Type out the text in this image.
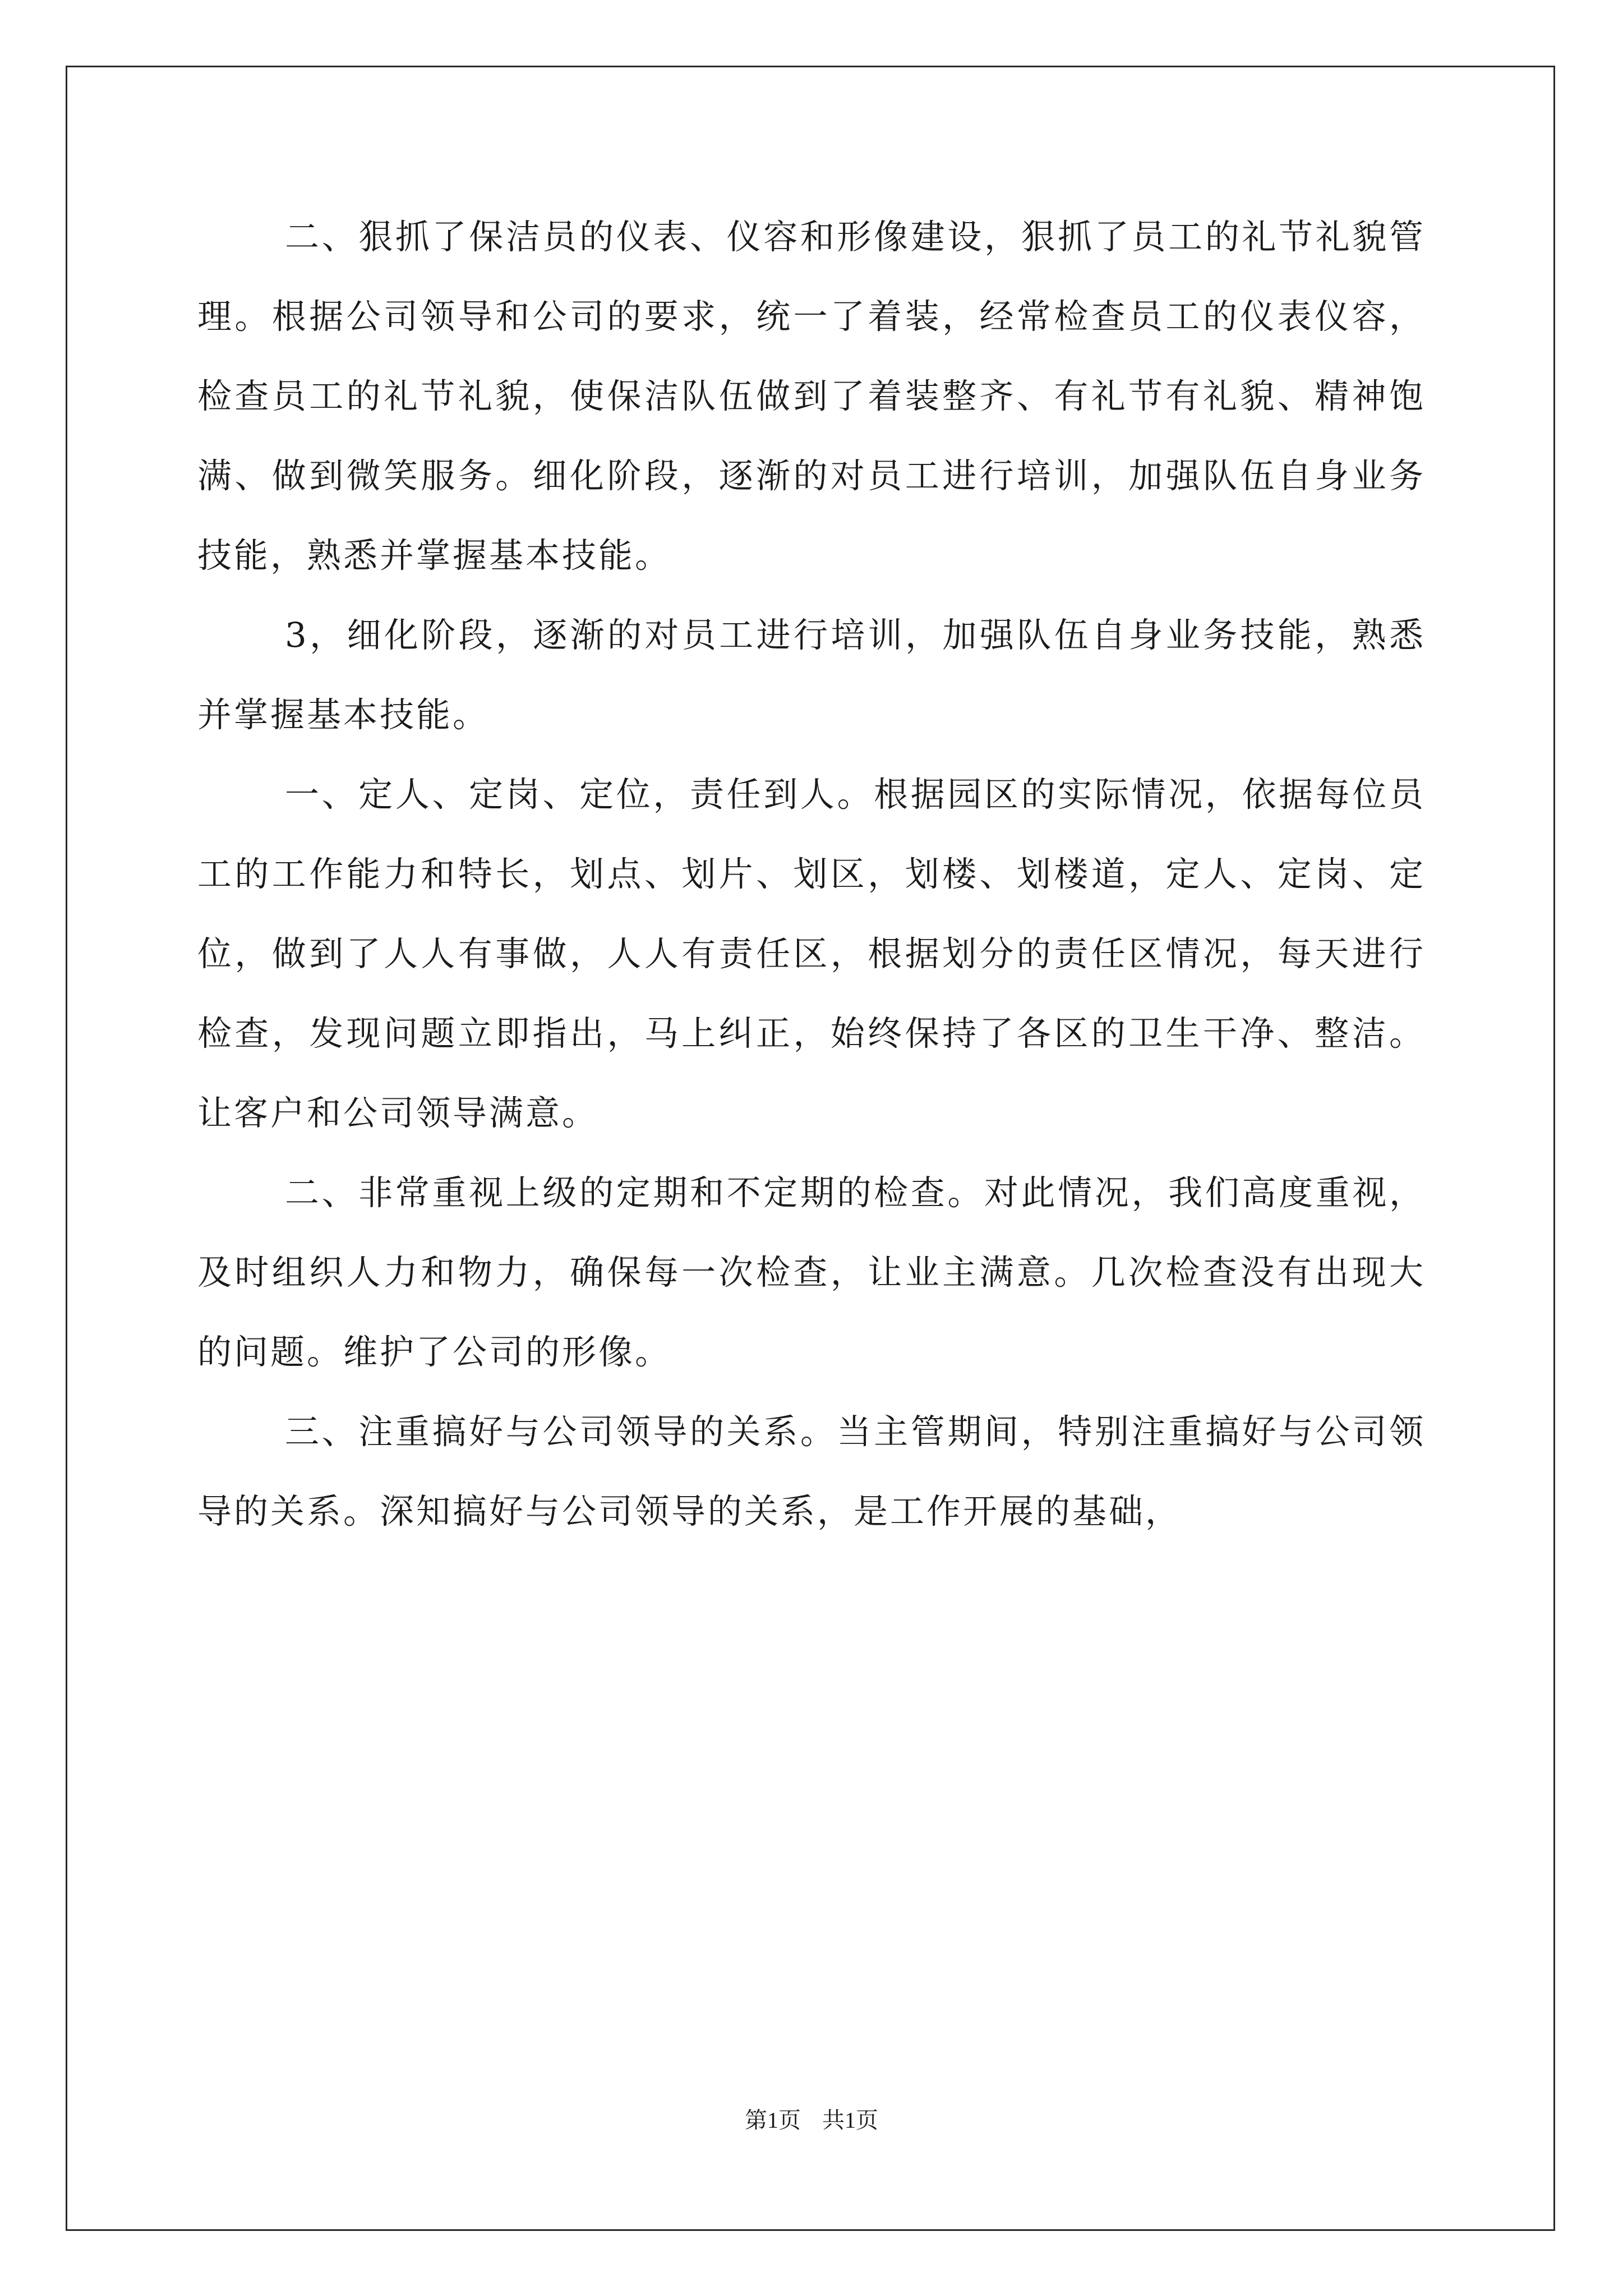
二、狠抓了保洁员的仪表、仪容和形像建设，狠抓了员工的礼节礼貌管理。根据公司领导和公司的要求，统一了着装，经常检查员工的仪表仪容，检查员工的礼节礼貌，使保洁队伍做到了着装整齐、有礼节有礼貌、精神饱满、做到微笑服务。细化阶段，逐渐的对员工进行培训，加强队伍自身业务技能，熟悉并掌握基本技能。

3，细化阶段，逐渐的对员工进行培训，加强队伍自身业务技能，熟悉并掌握基本技能。

一、定人、定岗、定位，责任到人。根据园区的实际情况，依据每位员工的工作能力和特长，划点、划片、划区，划楼、划楼道，定人、定岗、定位，做到了人人有事做，人人有责任区，根据划分的责任区情况，每天进行检查，发现问题立即指出，马上纠正，始终保持了各区的卫生干净、整洁。让客户和公司领导满意。

二、非常重视上级的定期和不定期的检查。对此情况，我们高度重视，及时组织人力和物力，确保每一次检查，让业主满意。几次检查没有出现大的问题。维护了公司的形像。

三、注重搞好与公司领导的关系。当主管期间，特别注重搞好与公司领导的关系。深知搞好与公司领导的关系，是工作开展的基础，

第1页 共1页
